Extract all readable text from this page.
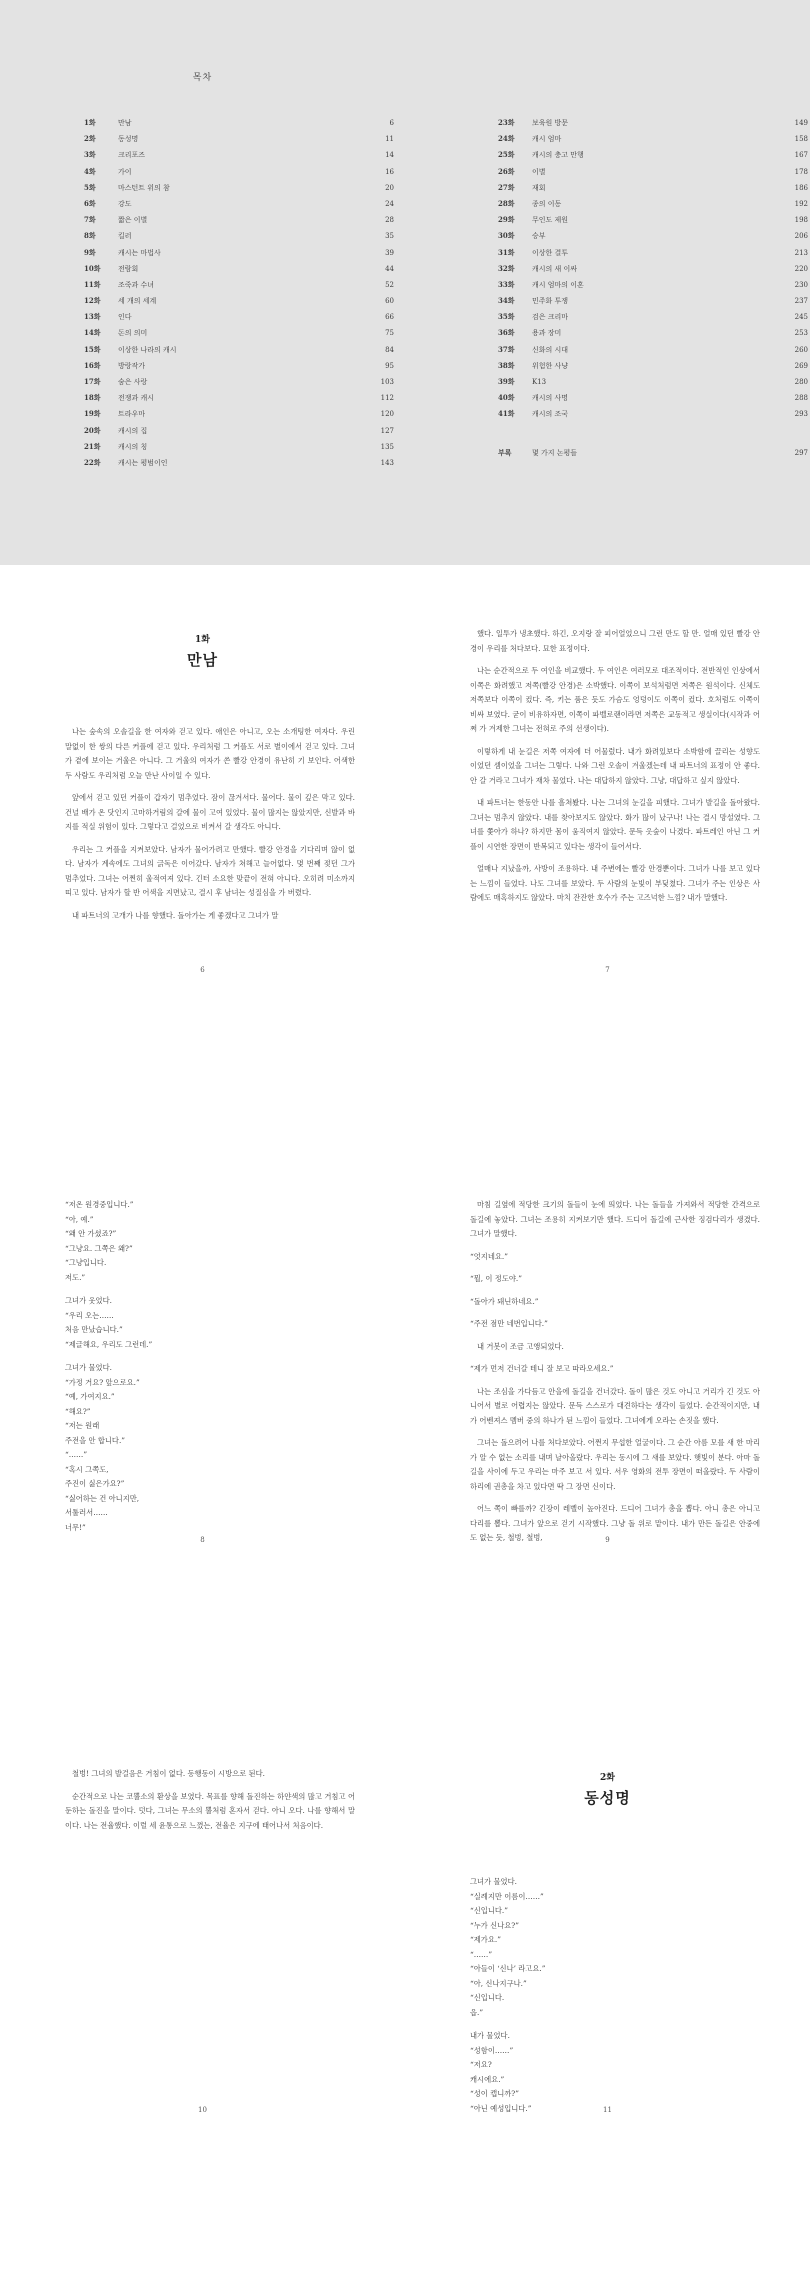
목차
1화	만남	6
2화	동성명	11
3화	크리포즈	14
4화	가이	16
5화	마스턴트 위의 참	20
6화	강도	24
7화	짧은 이별	28
8화	킬러	35
9화	캐시는 마법사	39
10화	전람회	44
11화	조죽과 수녀	52
12화	세 개의 세계	60
13화	인다	66
14화	돈의 의미	75
15화	이상한 나라의 캐시	84
16화	방랑작가	95
17화	숨은 사랑	103
18화	전쟁과 캐시	112
19화	트라우마	120
20화	캐시의 집	127
21화	캐시의 칭	135
22화	캐시는 평범이인	143
23화	보육원 방문	149
24화	캐시 엄마	158
25화	캐시의 충고 만행	167
26화	이별	178
27화	재회	186
28화	종의 이동	192
29화	무인도 제원	198
30화	승부	206
31화	이상한 결투	213
32화	캐시의 새 이싸	220
33화	캐시 엄마의 이혼	230
34화	민주화 투쟁	237
35화	검은 크리마	245
36화	용과 장미	253
37화	신화의 시대	260
38화	위험한 사냥	269
39화	K13	280
40화	캐시의 사명	288
41화	캐시의 조국	293
부록	몇 가지 논평들	297
1화
만남

나는 숲속의 오솔길을 한 여자와 걷고 있다. 애인은 아니고, 오는 소개팅한 여자다. 우린 말없이 한 쌍의 다른 커플에 걷고 있다. 우리처럼 그 커플도 서로 별이에서 걷고 있다. 그녀가 곁에 보이는 거울은 아니다. 그 거울의 여자가 쓴 빨강 안경이 유난히 기 보인다. 어색한 두 사람도 우리처럼 오늘 만난 사이일 수 있다.

앞에서 걷고 있던 커플이 갑자기 멈추었다. 잠이 끊겨서다. 물어다. 물이 깊은 막고 있다. 건널 배가 온 닷인지 고마하거림의 갈에 물이 고여 있었다. 물이 많지는 않았지만, 신발과 바지를 적실 위험이 있다. 그렇다고 걸었으로 비켜서 갈 생각도 아니다.

우리는 그 커플을 지켜보았다. 남자가 물어가려고 만했다. 빨강 안경을 기다리며 않이 없다. 남자가 계속에도 그녀의 긁독은 이어갔다. 남자가 쳐해고 늘어없다. 몇 번째 젖던 그가 멈추었다. 그녀는 어쩐히 울적여져 있다. 긴터 소요한 맞끝이 전혀 아니다. 오히려 미소까지 띠고 있다. 남자가 할 반 어색을 지면났고, 결시 후 남녀는 성질심을 가 버렸다.

내 파트너의 고개가 나를 향했다. 돌아가는 게 좋겠다고 그녀가 말

6

했다. 일투가 냉초했다. 하긴, 오지랑 잘 피어얼었으니 그런 만도 할 만. 얼매 있던 빨강 안경이 우리를 처다보다. 묘한 표정이다.

나는 순간적으로 두 여인을 비교했다. 두 여인은 여러모로 대조적이다. 전반적인 인상에서 이쪽은 화려했고 저쪽(빨강 안경)은 소박했다. 이쪽이 보석처럼면 저쪽은 원석이다. 신체도 저쪽보다 이쪽이 컸다. 즉, 키는 품은 듯도 가슴도 엉덩이도 이쪽이 컸다. 호처럼도 이쪽이 비싸 보였다. 굳이 비유하자면, 이쪽이 파벨로랜이라면 저쪽은 교동적고 생실이다(시작과 어쩌 가 겨제한 그녀는 전혀로 주의 선생이다).

이렇하게 내 눈길은 저쪽 여자에 더 어물렀다. 내가 화려있보다 소박함에 끌리는 성향도 이었던 셈이었을 그녀는 그렇다. 나와 그런 오솔이 겨울겠는데 내 파트너의 표정이 안 좋다. 안 갈 거라고 그녀가 재차 물었다. 나는 대답하지 않았다. 그냥, 대답하고 싶지 않았다.

내 파트너는 한동안 나를 흘쳐봤다. 나는 그녀의 눈길을 피했다. 그녀가 발길을 돌아왔다. 그녀는 멈추지 않았다. 내를 찾아보지도 않았다. 화가 많이 났구나! 나는 결시 망설였다. 그녀를 쫓아가 하나? 하지만 몸이 움직여지 않았다. 문득 옷숲이 나겼다. 파트레인 아닌 그 커플이 시연한 장면이 반복되고 있다는 생각이 들어서다.

얼매나 지났을까, 사방이 조용하다. 내 주변에는 빨강 안경뿐이다. 그녀가 나를 보고 있다는 느낌이 들었다. 나도 그녀를 보았다. 두 사람의 눈빛이 부딪쳤다. 그녀가 주는 인상은 사람에도 매혹하지도 않았다. 마치 잔잔한 호수가 주는 고즈넉한 느낌? 내가 말했다.

7
“저온 원경중입니다.”
“아, 예.”
“왜 안 가셨죠?”
“그냥요. 그쪽은 왜?”
“그냥입니다.
저도.”
그녀가 웃었다.
“우리 오는……
처음 만났습니다.”
“제글해요, 우리도 그런데.”
그녀가 물었다.
“가정 거요? 앞으로요.”
“예, 가여지요.”
“해요?”
“저는 원래
주전을 안 합니다.”
“……”
“혹시 그쪽도,
주진이 싫은가요?”
“싫어하는 건 아니지만,
서툴러서……
너무!”
8

마침 길옆에 적당한 크기의 돌들이 눈에 띄었다. 나는 돌들을 가져와서 적당한 간격으로 돌길에 놓았다. 그녀는 조용히 지켜보기만 했다. 드디어 돌길에 근사한 징검다리가 생겼다. 그녀가 말했다.

“엇지네요.”

“뭘, 이 정도야.”

“돌아가 돼닌하네요.”

“주전 점만 네번입니다.”

내 거봇이 조금 고앵되었다.

“제가 먼저 건너갈 테니 잘 보고 따라오세요.”

나는 조심을 가다듬고 안을에 돌길을 건너갔다. 돌이 많은 것도 아니고 거리가 긴 것도 아니어서 별로 어렵지는 않았다. 문득 스스로가 대견하다는 생각이 들었다. 순간적이지만, 내가 어벤져스 멤버 중의 하나가 된 느낌이 들었다. 그녀에게 오라는 손짓을 했다.

그녀는 돌으려어 나를 처다보았다. 어쩐지 무섭한 얼굴이다. 그 순간 아름 모를 새 한 마리가 알 수 없는 소리를 내며 날아올랐다. 우리는 동시에 그 새를 보았다. 햇빛이 분다. 아마 돌길을 사이에 두고 우리는 마주 보고 서 있다. 서우 영화의 전투 장면이 떠올랐다. 두 사람이 하리에 권총을 차고 있다면 딱 그 장면 신이다.

어느 쪽이 빠를까? 긴장이 레벨이 높아진다. 드디어 그녀가 총을 뽑다. 아니 총은 아니고 다리를 뽑다. 그녀가 앞으로 걷기 시작했다. 그냥 돌 위로 맡이다. 내가 만든 돌길은 안중에도 없는 듯, 철벙, 철벙,	9

철벙! 그녀의 발걸음은 거침이 없다. 동행동이 시방으로 된다.

순간적으로 나는 코뿔소의 환상을 보였다. 목표를 향해 돌진하는 하얀색의 많고 거침고 어둔하는 돌진을 말이다. 덧다, 그녀는 무소의 뿔처럼 혼자서 걷다. 아니 오다. 나를 향해서 말이다. 나는 전율했다. 이럴 세 윤통으로 느꼈는, 전율은 지구에 태어나서 처음이다.

10
2화
동성명
그녀가 물었다.
“실례지만 이름이……”
“신입니다.”
“누가 신나요?”
“제가요.”
“……”
“아들이 ‘신나’ 라고요.”
“아, 신나지구나.”
“신입니다.
읍.”
내가 물었다.
“성함이……”
“저요?
캐시에요.”
“성이 캡니까?”
“아닌 예성입니다.”	11
